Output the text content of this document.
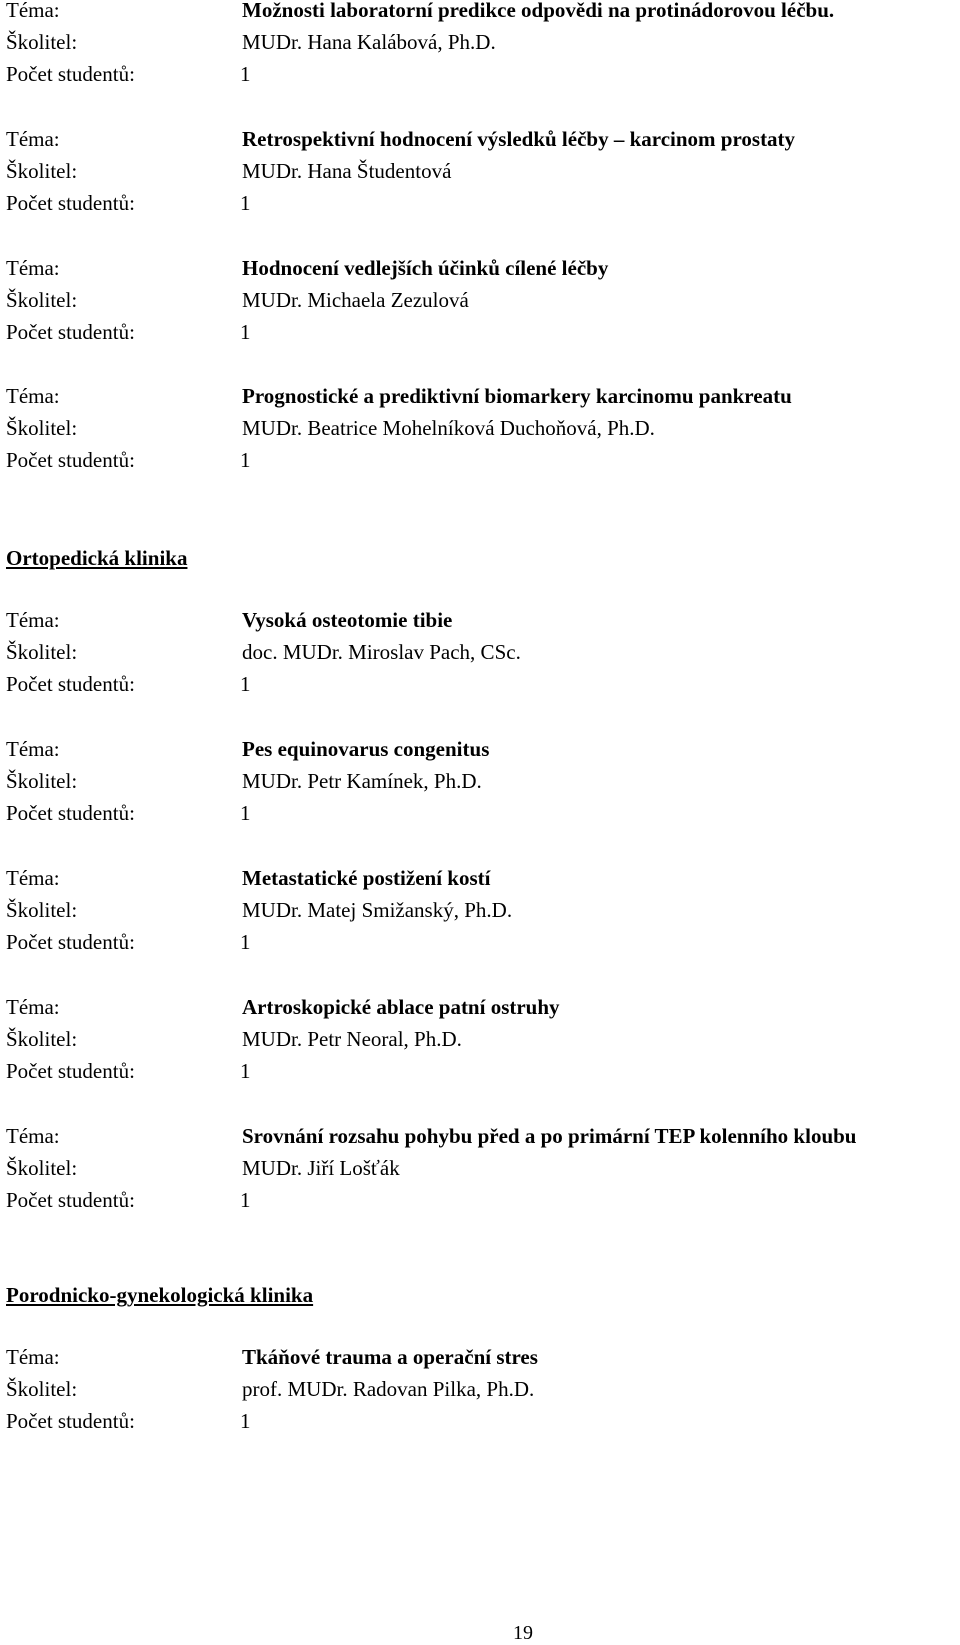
Téma:	Možnosti laboratorní predikce odpovědi na protinádorovou léčbu.
Školitel:	MUDr. Hana Kalábová, Ph.D.
Počet studentů:	1
Téma:	Retrospektivní hodnocení výsledků léčby – karcinom prostaty
Školitel:	MUDr. Hana Študentová
Počet studentů:	1
Téma:	Hodnocení vedlejších účinků cílené léčby
Školitel:	MUDr. Michaela Zezulová
Počet studentů:	1
Téma:	Prognostické a prediktivní biomarkery karcinomu pankreatu
Školitel:	MUDr. Beatrice Mohelníková Duchoňová, Ph.D.
Počet studentů:	1
Ortopedická klinika
Téma:	Vysoká osteotomie tibie
Školitel:	doc. MUDr. Miroslav Pach, CSc.
Počet studentů:	1
Téma:	Pes equinovarus congenitus
Školitel:	MUDr. Petr Kamínek, Ph.D.
Počet studentů:	1
Téma:	Metastatické postižení kostí
Školitel:	MUDr. Matej Smižanský, Ph.D.
Počet studentů:	1
Téma:	Artroskopické ablace patní ostruhy
Školitel:	MUDr. Petr Neoral, Ph.D.
Počet studentů:	1
Téma:	Srovnání rozsahu pohybu před a po primární TEP kolenního kloubu
Školitel:	MUDr. Jiří Lošťák
Počet studentů:	1
Porodnicko-gynekologická klinika
Téma:	Tkáňové trauma a operační stres
Školitel:	prof. MUDr. Radovan Pilka, Ph.D.
Počet studentů:	1
19
